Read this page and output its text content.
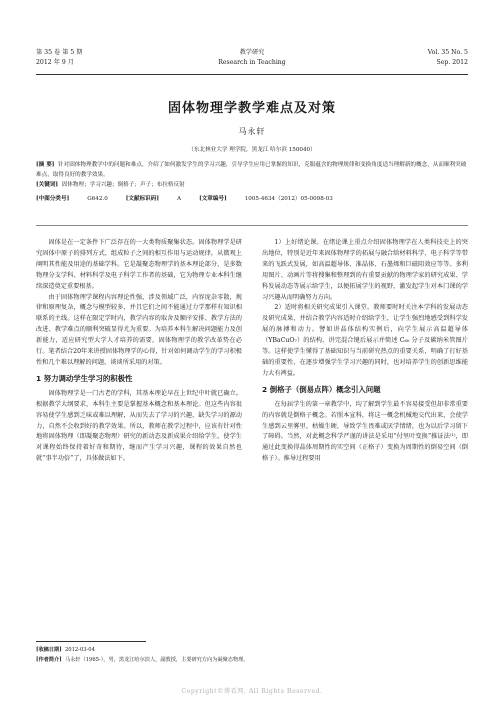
第 35 卷 第 5 期
2012 年 9 月
教学研究
Research in Teaching
Vol. 35 No. 5
Sep. 2012
固体物理学教学难点及对策
马永轩
（东北林业大学 理学院，黑龙江 哈尔滨 150040）

[摘 要] 针对固体物理教学中的问题和难点，介绍了如何激发学生的学习兴趣，引导学生应用已掌握的知识，克服蕴含的物理规律和变换角度适当理解新的概念，从而顺利突破难点，取得良好的教学效果。

[关键词] 固体物理；学习兴趣；倒格子；声子；布拉格反射

[中图分类号]	G642.0	[文献标识码]	A	[文章编号]	1005-4634（2012）05-0098-03

固体是在一定条件下广泛存在的一大类物质聚集状态。固体物理学是研究固体中原子的排列方式、组成粒子之间的相互作用与运动规律，从微观上阐明其性能及用途的基础学科。它是凝聚态物理学的基本理论部分，是多数物理分支学科、材料科学及电子科学工作者的基础，它为物理专业本科生继续深造奠定重要根基。

由于固体物理学课程内容理论性强，涉及领域广泛，内容庞杂零散，规律和原理复杂，概念与模型较多，并且它们之间不能通过力学那样有知识相联系的主线。这样在限定学时内，教学内容的取舍及顺序安排、教学方法的改进、教学难点的顺利突破显得尤为重要。为培养本科生解决问题能力及创新能力，适应研究型大学人才培养的需要，固体物理学的教学改革势在必行。笔者结合20年来讲授固体物理学的心得，针对如何调动学生的学习积极性和几个难以理解的问题，谈谈所采用的对策。

1 努力调动学生学习的积极性

固体物理学是一门古老的学科，其基本理论早在上世纪中叶就已确立。根据教学大纲要求，本科生主要是掌握基本概念和基本理论。但这些内容很容易使学生感到乏味或难以理解，从而失去了学习的兴趣，缺失学习的源动力，自然不会收到好的教学效果。所以，教师在教学过程中，应该有针对性地将固体物理（即凝聚态物理）研究的新动态及新成果介绍给学生，使学生对课程始终保持着好奇和期待，继而产生学习兴趣，课程的效果自然也就“事半功倍”了，具体做法如下。

1）上好绪论课。在绪论课上重点介绍固体物理学在人类科技史上的突出地位，特别是近年来固体物理学的拓展与融合给材料科学、电子科学等带来的飞跃式发展，如高温超导体、准晶体、石墨烯和巨磁阻效应等等。多利用图片、动画片等将搜集和整理到的有重要贡献的物理学家的研究成果、学科发展动态等展示给学生，以便拓展学生的视野，激发起学生对本门课的学习兴趣从而明确努力方向。

2）适时将相关研究成果引入课堂。教师要时时关注本学科的发展动态及研究成果，并结合教学内容适时介绍给学生，让学生强烈地感受到科学发展的脉搏和动力。譬如讲晶体结构实例后，向学生展示高温超导体（YBaCuO₇）的结构，讲完混合键后展示并简述 C₆₀ 分子及碳纳米管图片等。这样使学生懂得了基础知识与当前研究热点的重要关系，明确了打好基础的重要性，在逐步增强学生学习兴趣的同时，也对培养学生的创新思维能力大有裨益。

2 倒格子（倒易点阵）概念引入问题

在每届学生的第一章教学中，均了解到学生最不容易接受但却非常重要的内容就是倒格子概念。若照本宣科，将这一概念机械地交代出来，会使学生感到云里雾里、枯燥生硬，导致学生畏难或厌学情绪，也为以后学习留下了障碍。当然，对此概念科学严谨的讲法是采用“付里叶变换”推证法⁽¹⁾，即通过此变换得晶体周期性的实空间（正格子）变换为周期性的倒易空间（倒格子）。推导过程要用

[收稿日期] 2012-03-04
[作者简介] 马永轩（1965-），男，黑龙江哈尔滨人，副教授，主要研究方向为凝聚态物理。
Copyright©博看网. All Rights Reserved.
